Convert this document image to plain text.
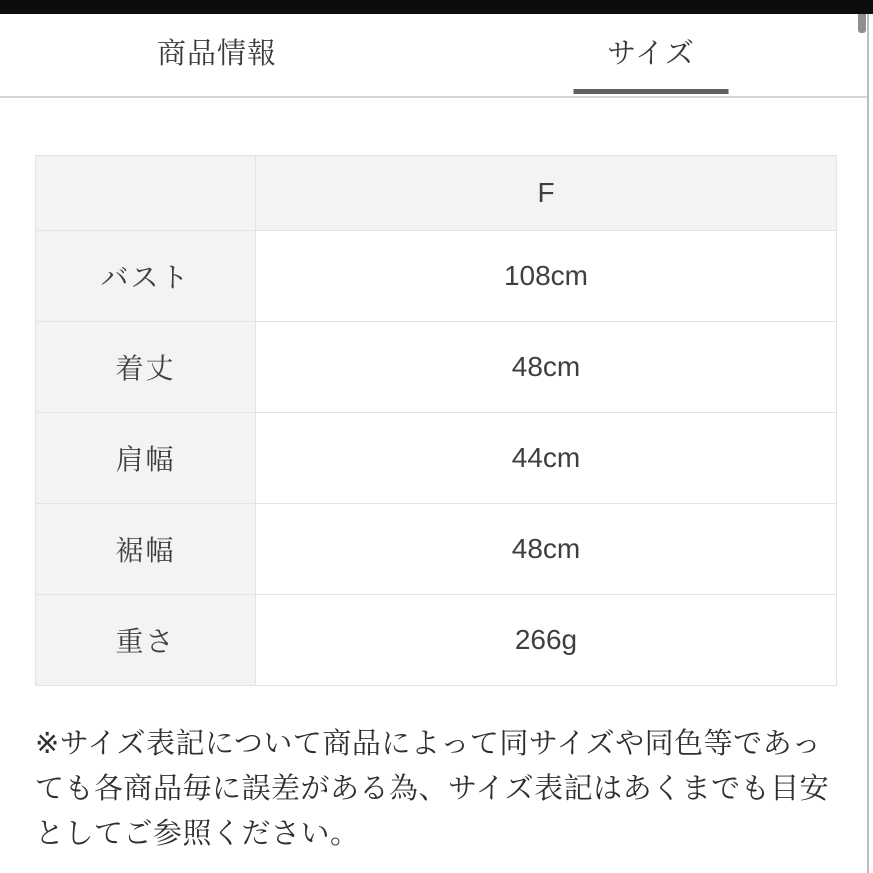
商品情報	サイズ
	F
バスト	108cm
着丈	48cm
肩幅	44cm
裾幅	48cm
重さ	266g

※サイズ表記について商品によって同サイズや同色等であっても各商品毎に誤差がある為、サイズ表記はあくまでも目安としてご参照ください。
